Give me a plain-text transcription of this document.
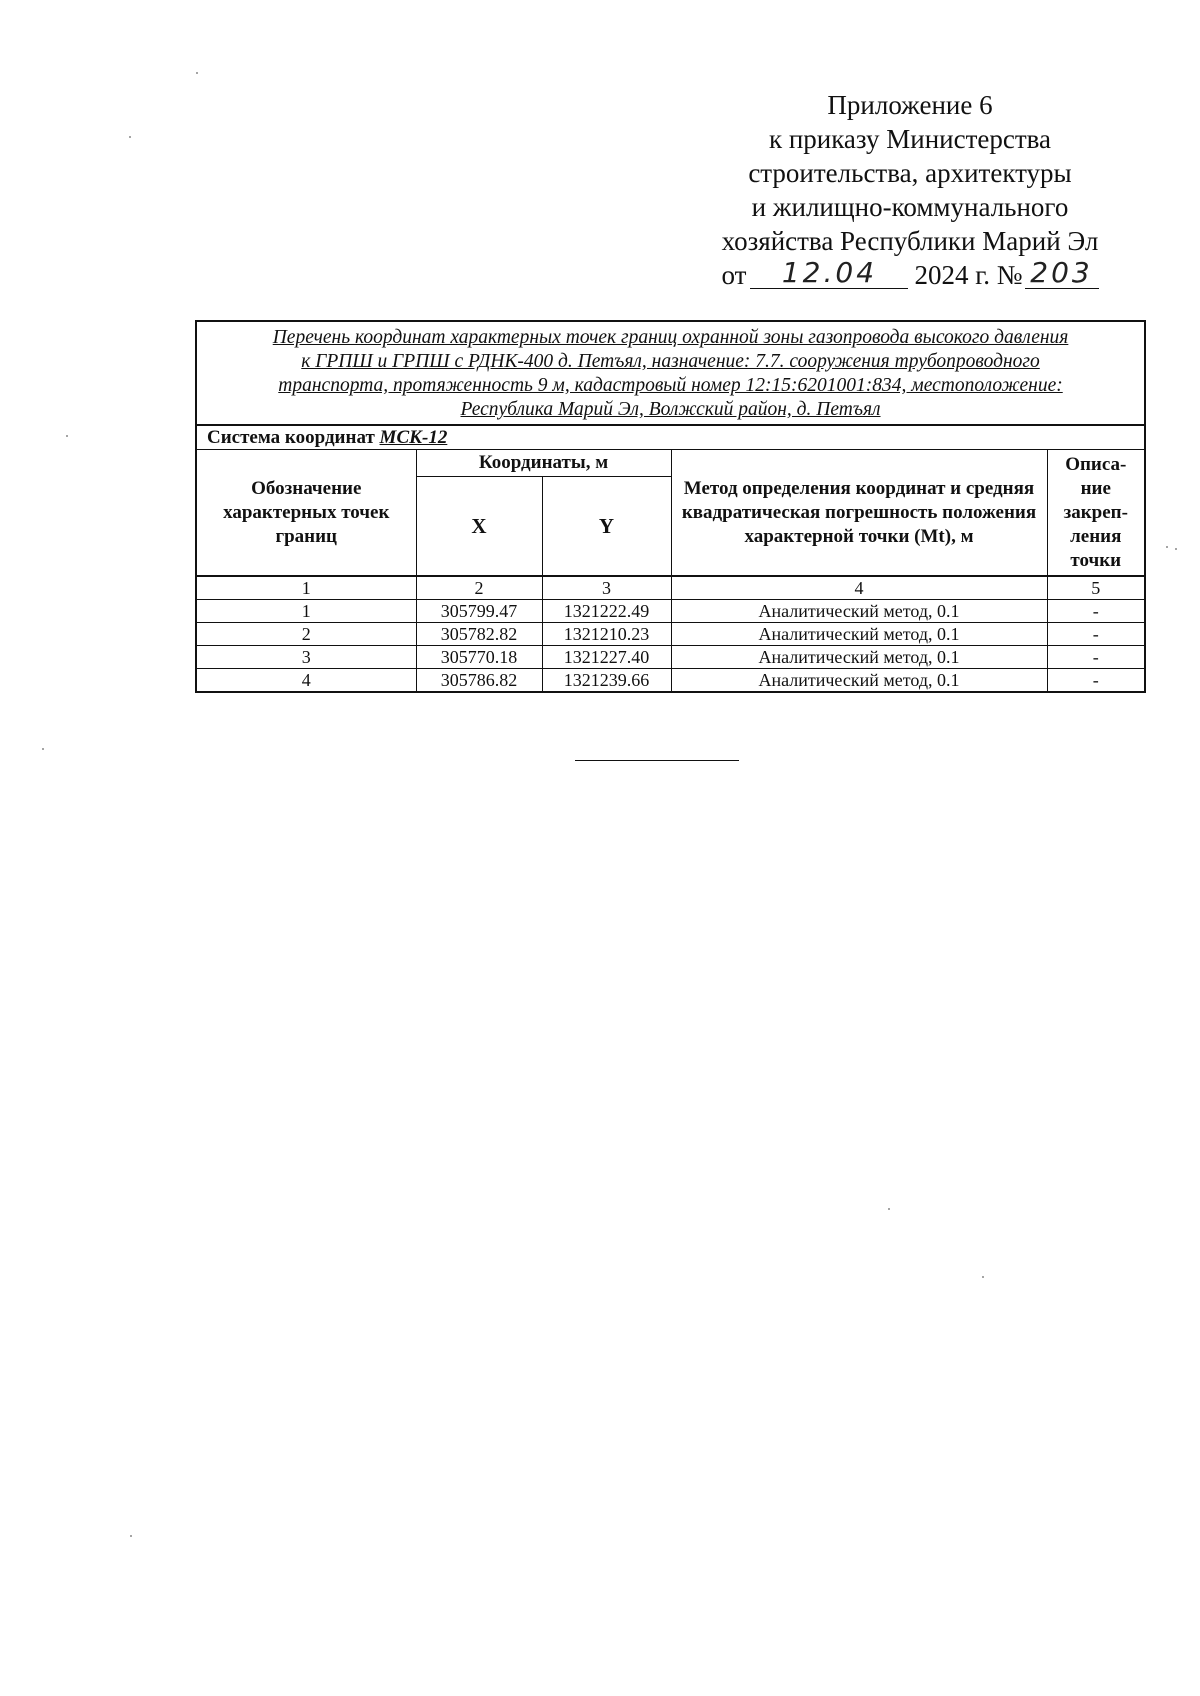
Приложение 6
к приказу Министерства
строительства, архитектуры
и жилищно-коммунального
хозяйства Республики Марий Эл
от 12.04 2024 г. № 203
Перечень координат характерных точек границ охранной зоны газопровода высокого давления
к ГРПШ и ГРПШ с РДНК-400 д. Петъял, назначение: 7.7. сооружения трубопроводного
транспорта, протяженность 9 м, кадастровый номер 12:15:6201001:834, местоположение:
Республика Марий Эл, Волжский район, д. Петъял				

Система координат МСК-12				
Обозначение характерных точек границ	Координаты, м		Метод определения координат и средняя квадратическая погрешность положения характерной точки (Mt), м	Описа-
ние
закреп-
ления
точки

	X	Y		
1	2	3	4	5
1	305799.47	1321222.49	Аналитический метод, 0.1	-
2	305782.82	1321210.23	Аналитический метод, 0.1	-
3	305770.18	1321227.40	Аналитический метод, 0.1	-
4	305786.82	1321239.66	Аналитический метод, 0.1	-
